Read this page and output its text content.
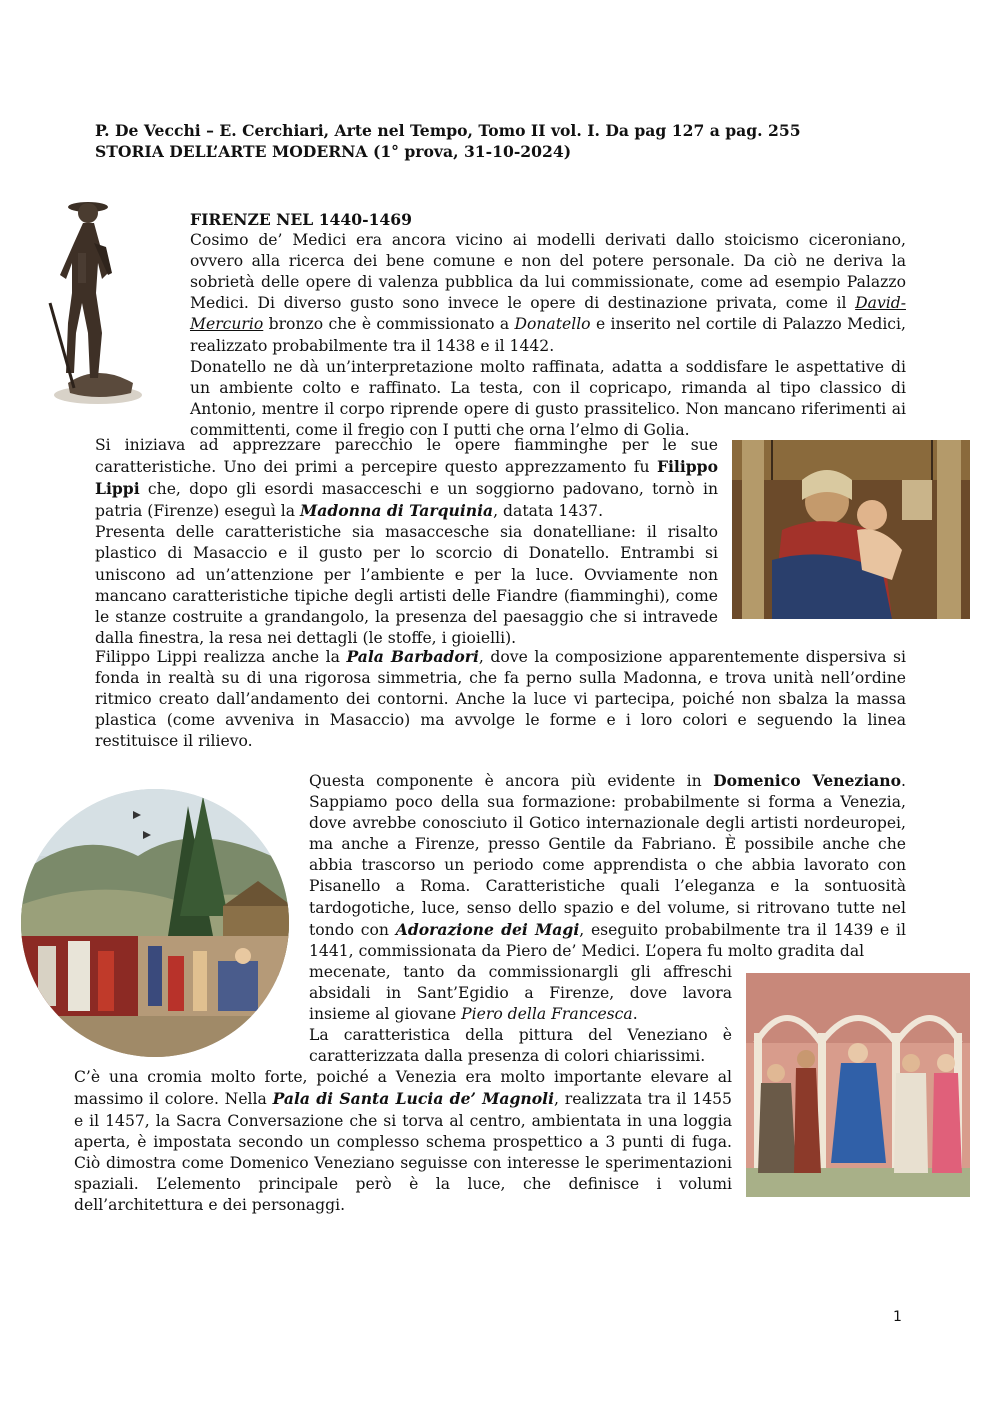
P. De Vecchi – E. Cerchiari, Arte nel Tempo, Tomo II vol. I. Da pag 127 a pag. 255
STORIA DELL’ARTE MODERNA (1° prova, 31-10-2024)
FIRENZE NEL 1440-1469
Cosimo de’ Medici era ancora vicino ai modelli derivati dallo stoicismo ciceroniano, ovvero alla ricerca dei bene comune e non del potere personale. Da ciò ne deriva la sobrietà delle opere di valenza pubblica da lui commissionate, come ad esempio Palazzo Medici. Di diverso gusto sono invece le opere di destinazione privata, come il David-Mercurio bronzo che è commissionato a Donatello e inserito nel cortile di Palazzo Medici, realizzato probabilmente tra il 1438 e il 1442.
Donatello ne dà un’interpretazione molto raffinata, adatta a soddisfare le aspettative di un ambiente colto e raffinato. La testa, con il copricapo, rimanda al tipo classico di Antonio, mentre il corpo riprende opere di gusto prassitelico. Non mancano riferimenti ai committenti, come il fregio con I putti che orna l’elmo di Golia.
Si iniziava ad apprezzare parecchio le opere fiamminghe per le sue caratteristiche. Uno dei primi a percepire questo apprezzamento fu Filippo Lippi che, dopo gli esordi masacceschi e un soggiorno padovano, tornò in patria (Firenze) eseguì la Madonna di Tarquinia, datata 1437.
Presenta delle caratteristiche sia masaccesche sia donatelliane: il risalto plastico di Masaccio e il gusto per lo scorcio di Donatello. Entrambi si uniscono ad un’attenzione per l’ambiente e per la luce. Ovviamente non mancano caratteristiche tipiche degli artisti delle Fiandre (fiamminghi), come le stanze costruite a grandangolo, la presenza del paesaggio che si intravede dalla finestra, la resa nei dettagli (le stoffe, i gioielli).
Filippo Lippi realizza anche la Pala Barbadori, dove la composizione apparentemente dispersiva si fonda in realtà su di una rigorosa simmetria, che fa perno sulla Madonna, e trova unità nell’ordine ritmico creato dall’andamento dei contorni. Anche la luce vi partecipa, poiché non sbalza la massa plastica (come avveniva in Masaccio) ma avvolge le forme e i loro colori e seguendo la linea restituisce il rilievo.
Questa componente è ancora più evidente in Domenico Veneziano.
Sappiamo poco della sua formazione: probabilmente si forma a Venezia, dove avrebbe conosciuto il Gotico internazionale degli artisti nordeuropei, ma anche a Firenze, presso Gentile da Fabriano. È possibile anche che abbia trascorso un periodo come apprendista o che abbia lavorato con Pisanello a Roma. Caratteristiche quali l’eleganza e la sontuosità tardogotiche, luce, senso dello spazio e del volume, si ritrovano tutte nel tondo con Adorazione dei Magi, eseguito probabilmente tra il 1439 e il 1441, commissionata da Piero de’ Medici. L’opera fu molto gradita dal
mecenate, tanto da commissionargli gli affreschi absidali in Sant’Egidio a Firenze, dove lavora insieme al giovane Piero della Francesca.
La caratteristica della pittura del Veneziano è caratterizzata dalla presenza di colori chiarissimi.
C’è una cromia molto forte, poiché a Venezia era molto importante elevare al massimo il colore. Nella Pala di Santa Lucia de’ Magnoli, realizzata tra il 1455 e il 1457, la Sacra Conversazione che si torva al centro, ambientata in una loggia aperta, è impostata secondo un complesso schema prospettico a 3 punti di fuga. Ciò dimostra come Domenico Veneziano seguisse con interesse le sperimentazioni spaziali. L’elemento principale però è la luce, che definisce i volumi dell’architettura e dei personaggi.
1
